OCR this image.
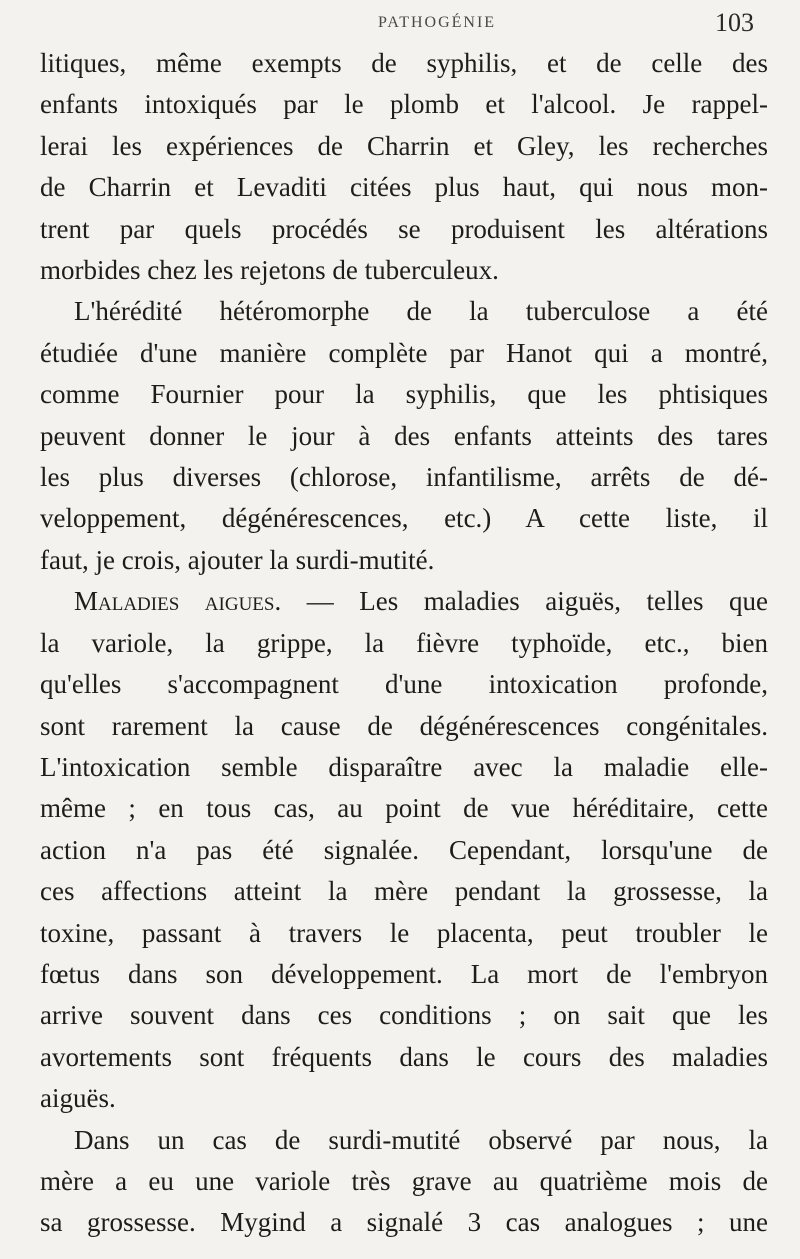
PATHOGÉNIE	103
litiques, même exempts de syphilis, et de celle des
enfants intoxiqués par le plomb et l'alcool. Je rappel-
lerai les expériences de Charrin et Gley, les recherches
de Charrin et Levaditi citées plus haut, qui nous mon-
trent par quels procédés se produisent les altérations
morbides chez les rejetons de tuberculeux.
L'hérédité hétéromorphe de la tuberculose a été
étudiée d'une manière complète par Hanot qui a montré,
comme Fournier pour la syphilis, que les phtisiques
peuvent donner le jour à des enfants atteints des tares
les plus diverses (chlorose, infantilisme, arrêts de dé-
veloppement, dégénérescences, etc.) A cette liste, il
faut, je crois, ajouter la surdi-mutité.
Maladies aigues. — Les maladies aiguës, telles que
la variole, la grippe, la fièvre typhoïde, etc., bien
qu'elles s'accompagnent d'une intoxication profonde,
sont rarement la cause de dégénérescences congénitales.
L'intoxication semble disparaître avec la maladie elle-
même ; en tous cas, au point de vue héréditaire, cette
action n'a pas été signalée. Cependant, lorsqu'une de
ces affections atteint la mère pendant la grossesse, la
toxine, passant à travers le placenta, peut troubler le
fœtus dans son développement. La mort de l'embryon
arrive souvent dans ces conditions ; on sait que les
avortements sont fréquents dans le cours des maladies
aiguës.
Dans un cas de surdi-mutité observé par nous, la
mère a eu une variole très grave au quatrième mois de
sa grossesse. Mygind a signalé 3 cas analogues ; une
